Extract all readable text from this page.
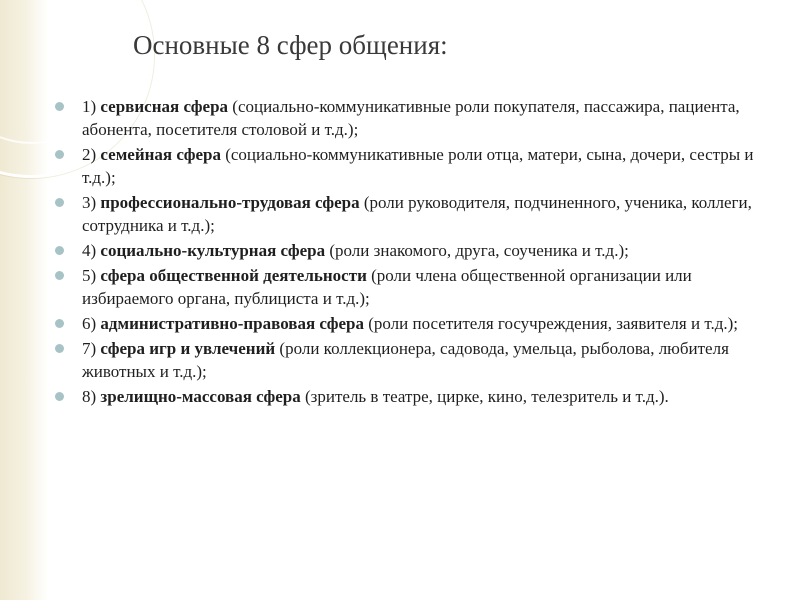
Основные 8 сфер общения:
1) сервисная сфера (социально-коммуникативные роли покупателя, пассажира, пациента, абонента, посетителя столовой и т.д.);
2) семейная сфера (социально-коммуникативные роли отца, матери, сына, дочери, сестры и т.д.);
3) профессионально-трудовая сфера (роли руководителя, подчиненного, ученика, коллеги, сотрудника и т.д.);
4) социально-культурная сфера (роли знакомого, друга, соученика и т.д.);
5) сфера общественной деятельности (роли члена общественной организации или избираемого органа, публициста и т.д.);
6) административно-правовая сфера (роли посетителя госучреждения, заявителя и т.д.);
7) сфера игр и увлечений (роли коллекционера, садовода, умельца, рыболова, любителя животных и т.д.);
8) зрелищно-массовая сфера (зритель в театре, цирке, кино, телезритель и т.д.).
